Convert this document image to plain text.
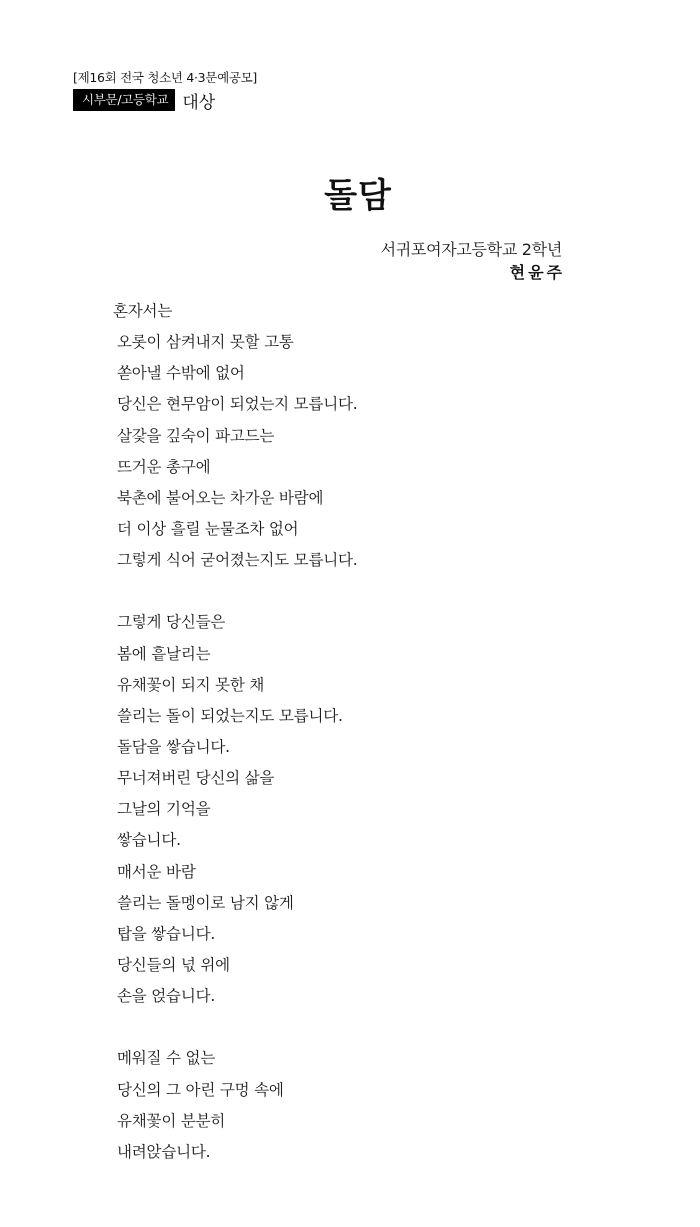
[제16회 전국 청소년 4·3문예공모]
시부문/고등학교 대상
돌담
서귀포여자고등학교 2학년
현윤주
혼자서는
오롯이 삼켜내지 못할 고통
쏟아낼 수밖에 없어
당신은 현무암이 되었는지 모릅니다.
살갗을 깊숙이 파고드는
뜨거운 총구에
북촌에 불어오는 차가운 바람에
더 이상 흘릴 눈물조차 없어
그렇게 식어 굳어졌는지도 모릅니다.
그렇게 당신들은
봄에 흩날리는
유채꽃이 되지 못한 채
쓸리는 돌이 되었는지도 모릅니다.
돌담을 쌓습니다.
무너져버린 당신의 삶을
그날의 기억을
쌓습니다.
매서운 바람
쓸리는 돌멩이로 남지 않게
탑을 쌓습니다.
당신들의 넋 위에
손을 얹습니다.
메워질 수 없는
당신의 그 아린 구멍 속에
유채꽃이 분분히
내려앉습니다.
